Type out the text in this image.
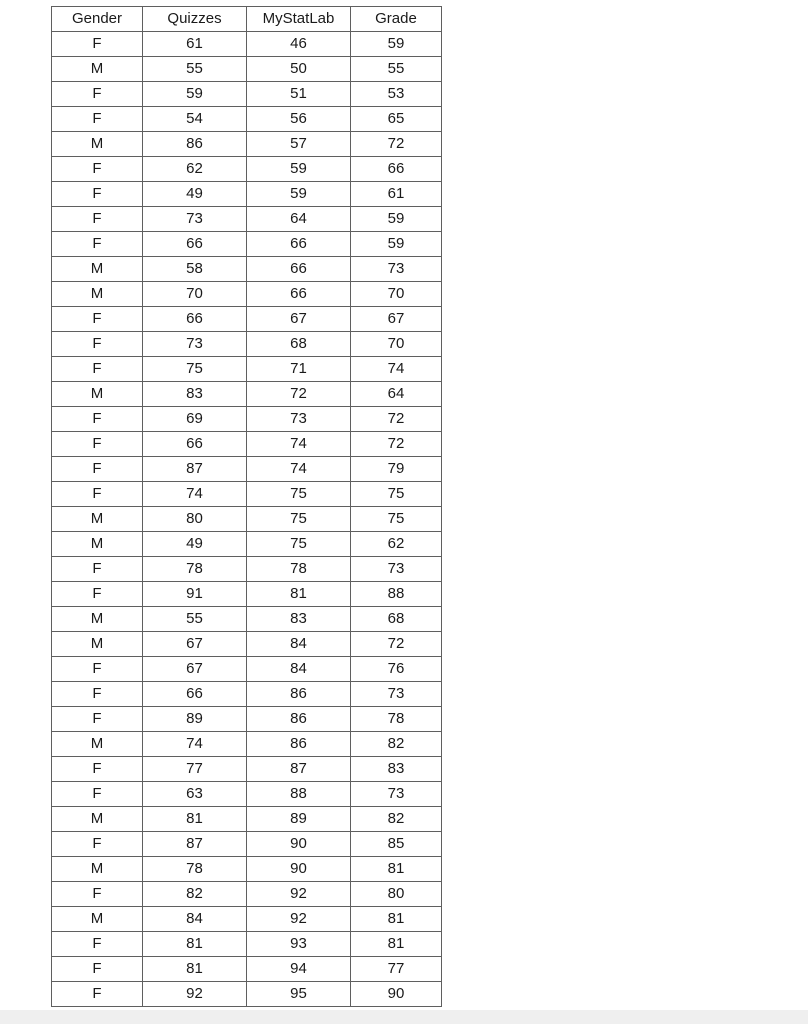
Gender	Quizzes	MyStatLab	Grade
F	61	46	59
M	55	50	55
F	59	51	53
F	54	56	65
M	86	57	72
F	62	59	66
F	49	59	61
F	73	64	59
F	66	66	59
M	58	66	73
M	70	66	70
F	66	67	67
F	73	68	70
F	75	71	74
M	83	72	64
F	69	73	72
F	66	74	72
F	87	74	79
F	74	75	75
M	80	75	75
M	49	75	62
F	78	78	73
F	91	81	88
M	55	83	68
M	67	84	72
F	67	84	76
F	66	86	73
F	89	86	78
M	74	86	82
F	77	87	83
F	63	88	73
M	81	89	82
F	87	90	85
M	78	90	81
F	82	92	80
M	84	92	81
F	81	93	81
F	81	94	77
F	92	95	90
